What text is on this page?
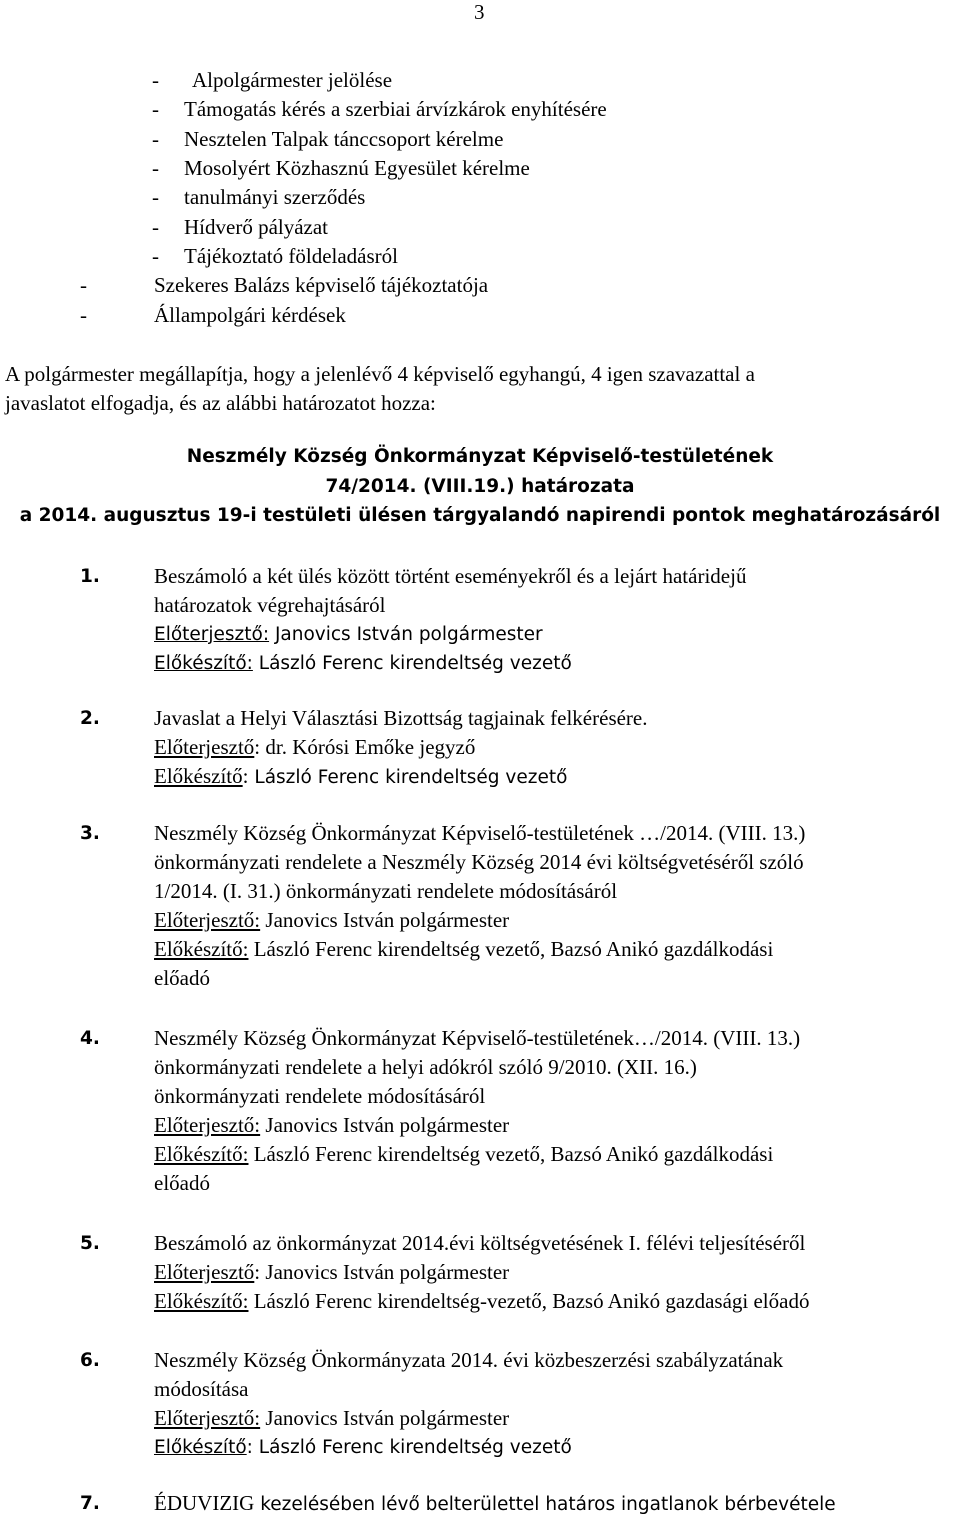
3
- Alpolgármester jelölése
- Támogatás kérés a szerbiai árvízkárok enyhítésére
- Nesztelen Talpak tánccsoport kérelme
- Mosolyért Közhasznú Egyesület kérelme
- tanulmányi szerződés
- Hídverő pályázat
- Tájékoztató földeladásról
-	Szekeres Balázs képviselő tájékoztatója
-	Állampolgári kérdések
A polgármester megállapítja, hogy a jelenlévő 4 képviselő egyhangú, 4 igen szavazattal a
javaslatot elfogadja, és az alábbi határozatot hozza:
Neszmély Község Önkormányzat Képviselő-testületének
74/2014. (VIII.19.) határozata
a 2014. augusztus 19-i testületi ülésen tárgyalandó napirendi pontok meghatározásáról
1.	Beszámoló a két ülés között történt eseményekről és a lejárt határidejű
határozatok végrehajtásáról
Előterjesztő: Janovics István polgármester
Előkészítő: László Ferenc kirendeltség vezető
2.	Javaslat a Helyi Választási Bizottság tagjainak felkérésére.
Előterjesztő: dr. Kórósi Emőke jegyző
Előkészítő: László Ferenc kirendeltség vezető
3.	Neszmély Község Önkormányzat Képviselő-testületének …/2014. (VIII. 13.)
önkormányzati rendelete a Neszmély Község 2014 évi költségvetéséről szóló
1/2014. (I. 31.) önkormányzati rendelete módosításáról
Előterjesztő: Janovics István polgármester
Előkészítő: László Ferenc kirendeltség vezető, Bazsó Anikó gazdálkodási
előadó
4.	Neszmély Község Önkormányzat Képviselő-testületének…/2014. (VIII. 13.)
önkormányzati rendelete a helyi adókról szóló 9/2010. (XII. 16.)
önkormányzati rendelete módosításáról
Előterjesztő: Janovics István polgármester
Előkészítő: László Ferenc kirendeltség vezető, Bazsó Anikó gazdálkodási
előadó
5.	Beszámoló az önkormányzat 2014.évi költségvetésének I. félévi teljesítéséről
Előterjesztő: Janovics István polgármester
Előkészítő: László Ferenc kirendeltség-vezető, Bazsó Anikó gazdasági előadó
6.	Neszmély Község Önkormányzata 2014. évi közbeszerzési szabályzatának
módosítása
Előterjesztő: Janovics István polgármester
Előkészítő: László Ferenc kirendeltség vezető
7.	ÉDUVIZIG kezelésében lévő belterülettel határos ingatlanok bérbevétele
